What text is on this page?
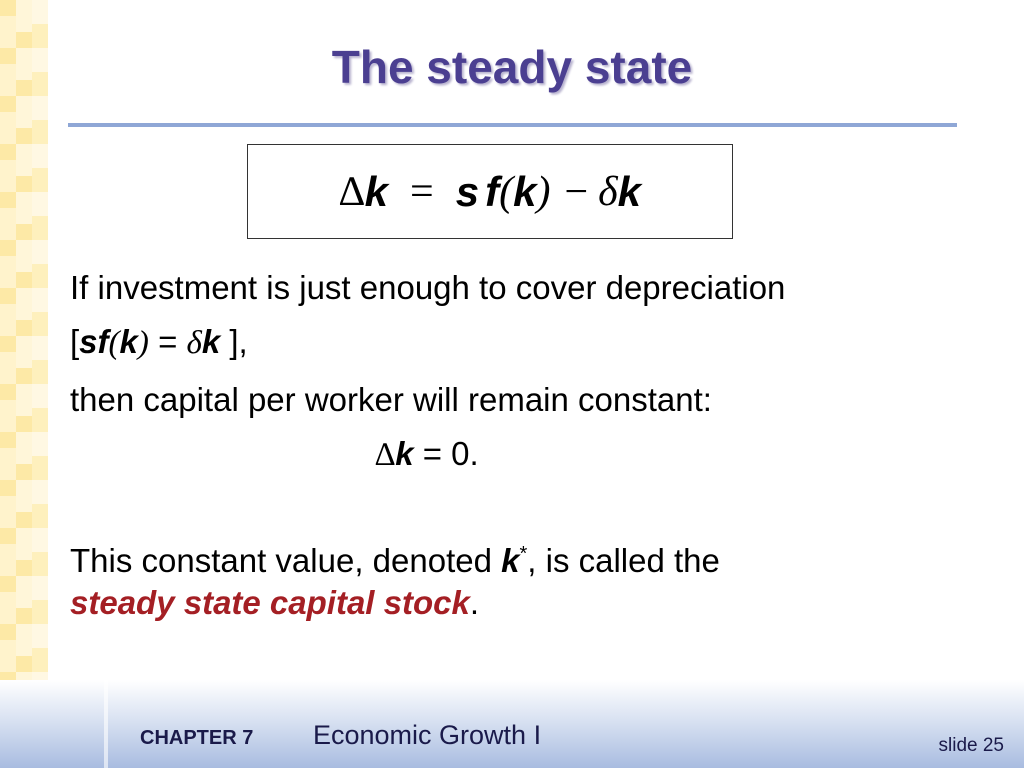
The steady state
∆ k = s f ( k ) − δ k
If investment is just enough to cover depreciation
[sf(k) = δk ],
then capital per worker will remain constant:
∆k = 0.
This constant value, denoted k*, is called the
steady state capital stock.
CHAPTER 7 Economic Growth I	slide 25
